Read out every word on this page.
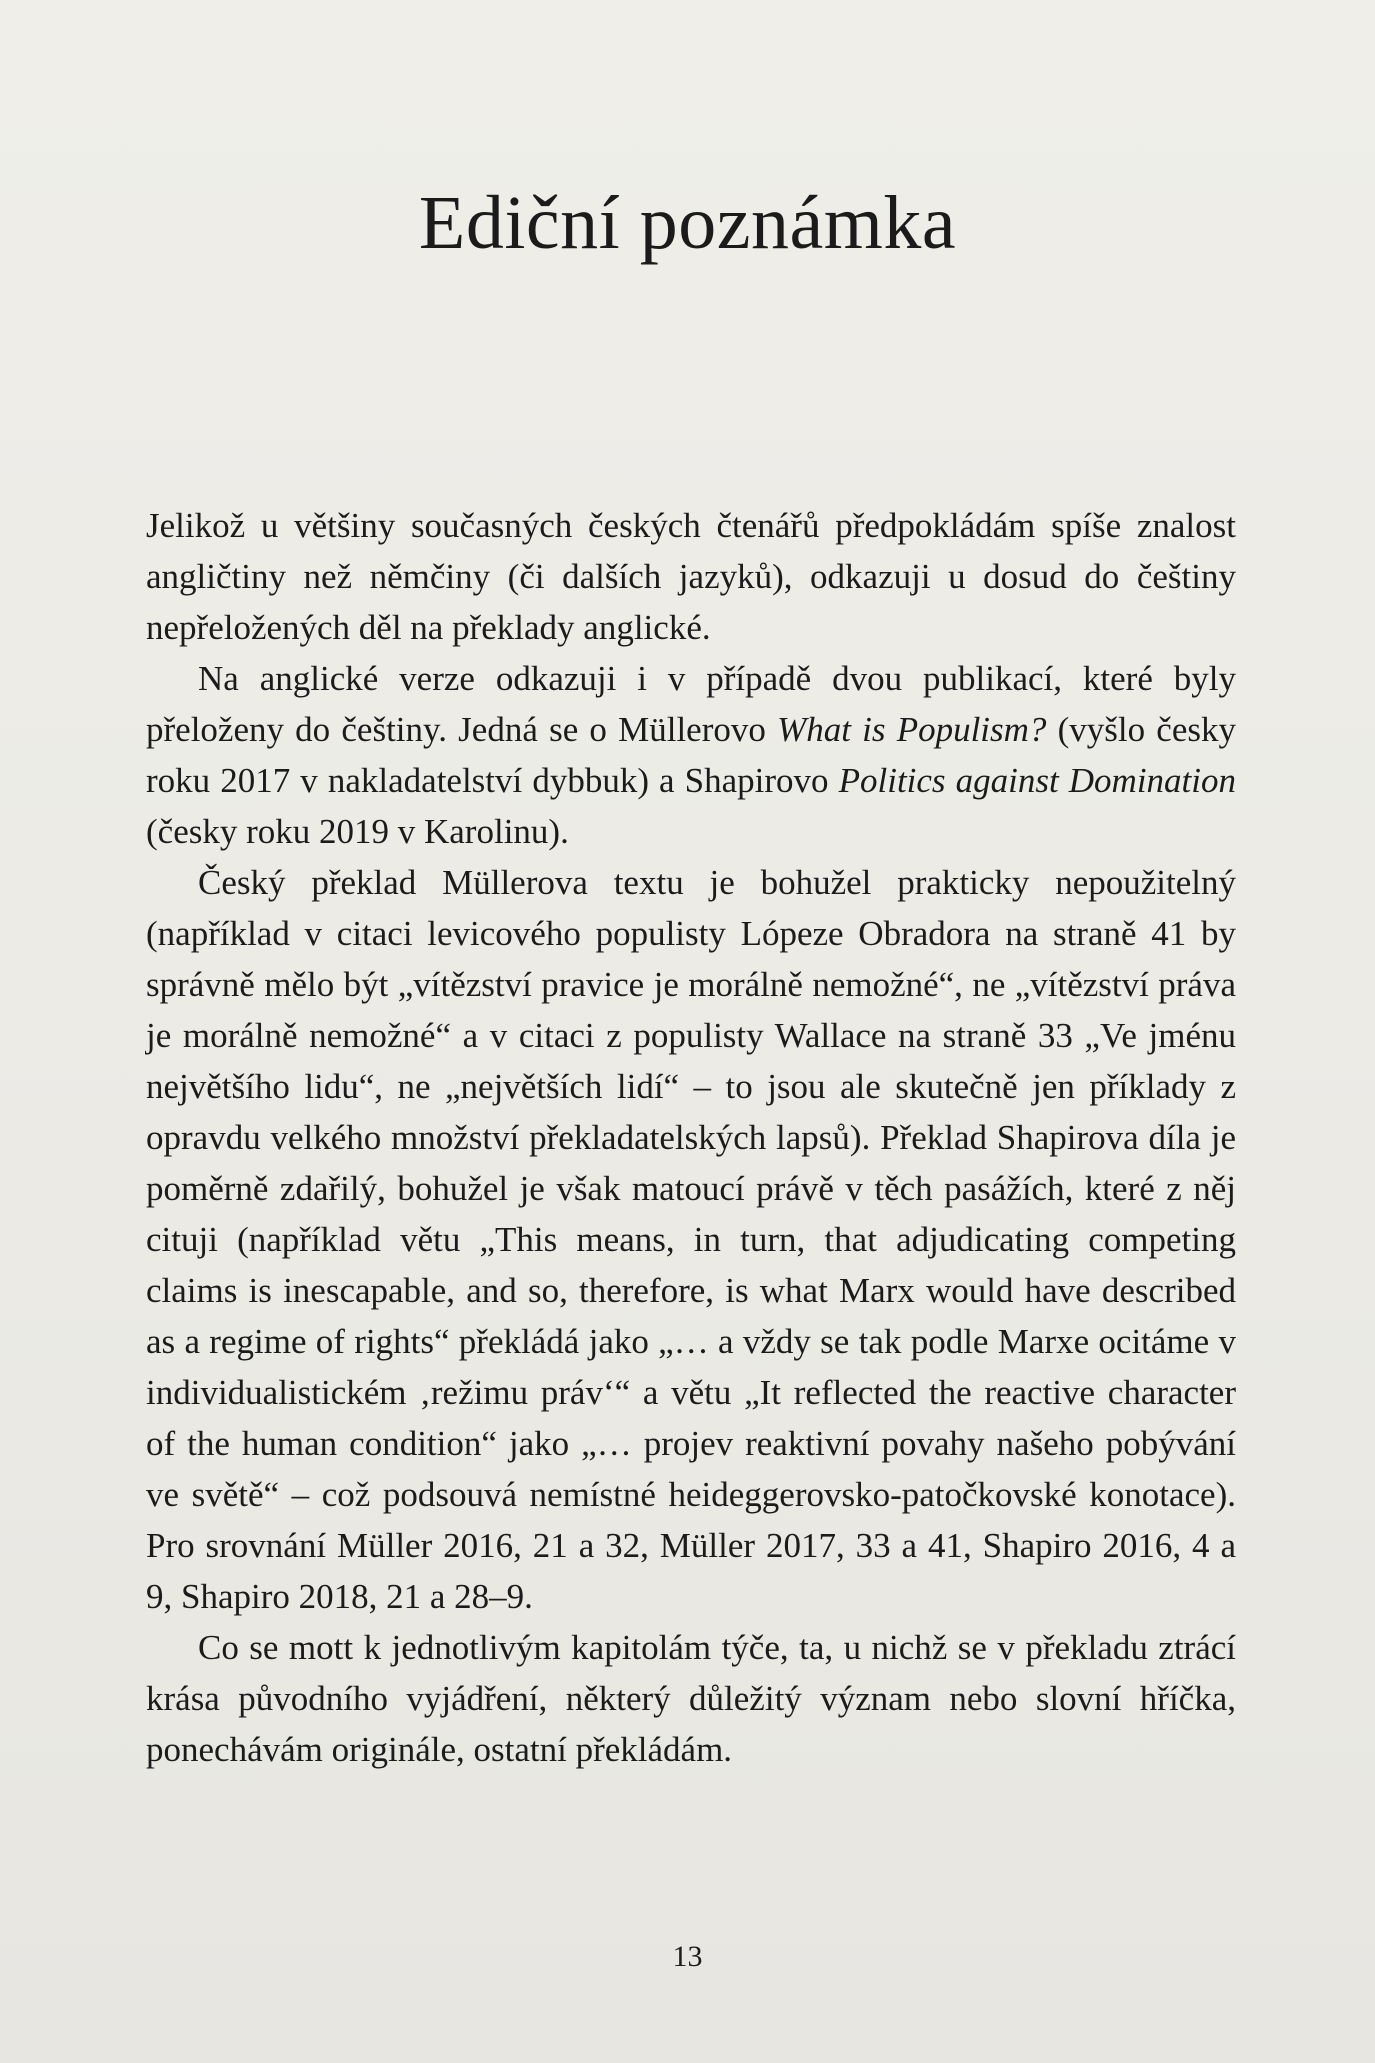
Ediční poznámka

Jelikož u většiny současných českých čtenářů předpokládám spíše znalost angličtiny než němčiny (či dalších jazyků), odkazuji u dosud do češtiny nepřeložených děl na překlady anglické.

Na anglické verze odkazuji i v případě dvou publikací, které byly přeloženy do češtiny. Jedná se o Müllerovo What is Populism? (vyšlo česky roku 2017 v nakladatelství dybbuk) a Shapirovo Politics against Domination (česky roku 2019 v Karolinu).

Český překlad Müllerova textu je bohužel prakticky nepoužitelný (například v citaci levicového populisty Lópeze Obradora na straně 41 by správně mělo být „vítězství pravice je morálně nemožné“, ne „vítězství práva je morálně nemožné“ a v citaci z populisty Wallace na straně 33 „Ve jménu největšího lidu“, ne „největších lidí“ – to jsou ale skutečně jen příklady z opravdu velkého množství překladatelských lapsů). Překlad Shapirova díla je poměrně zdařilý, bohužel je však matoucí právě v těch pasážích, které z něj cituji (například větu „This means, in turn, that adjudicating competing claims is inescapable, and so, therefore, is what Marx would have described as a regime of rights“ překládá jako „… a vždy se tak podle Marxe ocitáme v individualistickém ‚režimu práv‘“ a větu „It reflected the reactive character of the human condition“ jako „… projev reaktivní povahy našeho pobývání ve světě“ – což podsouvá nemístné heideggerovsko-patočkovské konotace). Pro srovnání Müller 2016, 21 a 32, Müller 2017, 33 a 41, Shapiro 2016, 4 a 9, Shapiro 2018, 21 a 28–9.

Co se mott k jednotlivým kapitolám týče, ta, u nichž se v překladu ztrácí krása původního vyjádření, některý důležitý význam nebo slovní hříčka, ponechávám originále, ostatní překládám.

13
